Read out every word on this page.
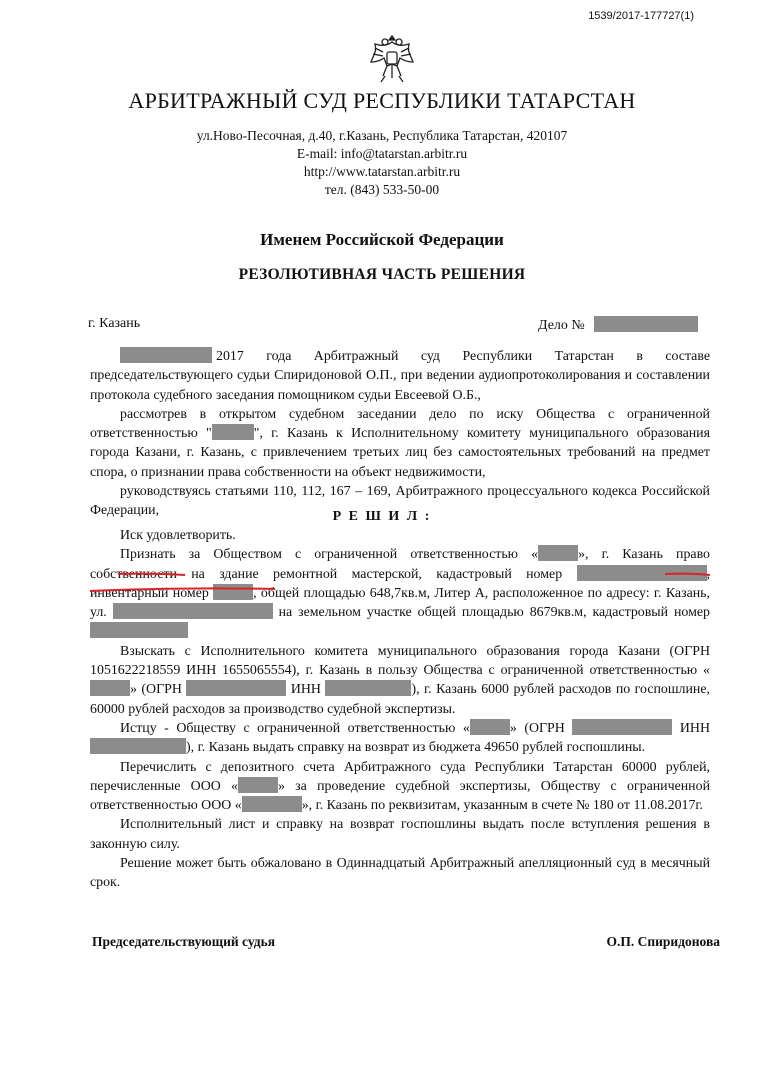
1539/2017-177727(1)
АРБИТРАЖНЫЙ СУД РЕСПУБЛИКИ ТАТАРСТАН
ул.Ново-Песочная, д.40, г.Казань, Республика Татарстан, 420107
E-mail: info@tatarstan.arbitr.ru
http://www.tatarstan.arbitr.ru
тел. (843) 533-50-00
Именем Российской Федерации
РЕЗОЛЮТИВНАЯ ЧАСТЬ РЕШЕНИЯ
г. Казань	Дело №

2017 года Арбитражный суд Республики Татарстан в составе председательствующего судьи Спиридоновой О.П., при ведении аудиопротоколирования и составлении протокола судебного заседания помощником судьи Евсеевой О.Б.,

рассмотрев в открытом судебном заседании дело по иску Общества с ограниченной ответственностью "	", г. Казань к Исполнительному комитету муниципального образования города Казани, г. Казань, с привлечением третьих лиц без самостоятельных требований на предмет спора, о признании права собственности на объект недвижимости,

руководствуясь статьями 110, 112, 167 – 169, Арбитражного процессуального кодекса Российской Федерации,	Р Е Ш И Л :

Иск удовлетворить.

Признать за Обществом с ограниченной ответственностью «	», г. Казань право собственности на здание ремонтной мастерской, кадастровый номер	, инвентарный номер	, общей площадью 648,7кв.м, Литер А, расположенное по адресу: г. Казань, ул.	на земельном участке общей площадью 8679кв.м, кадастровый номер

Взыскать с Исполнительного комитета муниципального образования города Казани (ОГРН 1051622218559 ИНН 1655065554), г. Казань в пользу Общества с ограниченной ответственностью «» (ОГРН	ИНН	), г. Казань 6000 рублей расходов по госпошлине, 60000 рублей расходов за производство судебной экспертизы.

Истцу - Обществу с ограниченной ответственностью «	» (ОГРН	ИНН ), г. Казань выдать справку на возврат из бюджета 49650 рублей госпошлины.

Перечислить с депозитного счета Арбитражного суда Республики Татарстан 60000 рублей, перечисленные ООО «	» за проведение судебной экспертизы, Обществу с ограниченной ответственностью ООО «	», г. Казань по реквизитам, указанным в счете № 180 от 11.08.2017г.

Исполнительный лист и справку на возврат госпошлины выдать после вступления решения в законную силу.

Решение может быть обжаловано в Одиннадцатый Арбитражный апелляционный суд в месячный срок.

Председательствующий судья	О.П. Спиридонова
